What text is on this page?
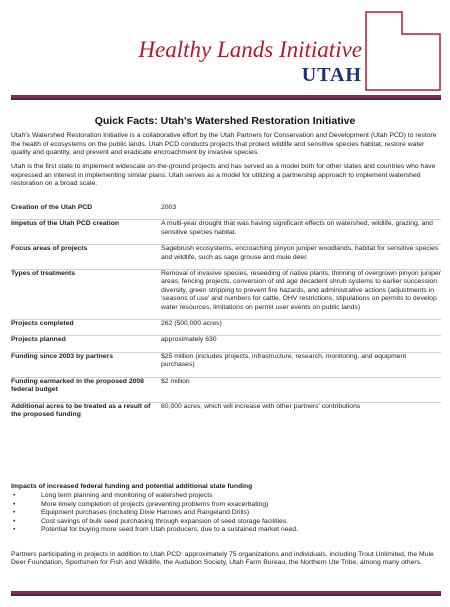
Healthy Lands Initiative
UTAH
Quick Facts: Utah's Watershed Restoration Initiative

Utah's Watershed Restoration Initiative is a collaborative effort by the Utah Partners for Conservation and Development (Utah PCD) to restore the health of ecosystems on the public lands. Utah PCD conducts projects that protect wildlife and sensitive species habitat, restore water quality and quantity, and prevent and eradicate encroachment by invasive species.

Utah is the first state to implement widescale on-the-ground projects and has served as a model both for other states and countries who have expressed an interest in implementing similar plans. Utah serves as a model for utilizing a partnership approach to implement watershed restoration on a broad scale.

Creation of the Utah PCD	2003
Impetus of the Utah PCD creation	A multi-year drought that was having significant effects on watershed, wildlife, grazing, and sensitive species habitat.
Focus areas of projects	Sagebrush ecosystems, encroaching pinyon juniper woodlands, habitat for sensitive species and wildlife, such as sage grouse and mule deer.
Types of treatments	Removal of invasive species, reseeding of native plants, thinning of overgrown pinyon juniper areas, fencing projects, conversion of old age decadent shrub systems to earlier succession diversity, green stripping to prevent fire hazards, and administrative actions (adjustments in 'seasons of use' and numbers for cattle, OHV restrictions, stipulations on permits to develop water resources, limitations on permit user events on public lands)
Projects completed	262 (500,000 acres)
Projects planned	approximately 630
Funding since 2003 by partners	$25 million (includes projects, infrastructure, research, monitoring, and equipment purchases)
Funding earmarked in the proposed 2008 federal budget	$2 million
Additional acres to be treated as a result of the proposed funding	80,000 acres, which will increase with other partners' contributions
Impacts of increased federal funding and potential additional state funding
• Long term planning and monitoring of watershed projects
• More timely completion of projects (preventing problems from exacerbating)
• Equipment purchases (including Dixie Harrows and Rangeland Drills)
• Cost savings of bulk seed purchasing through expansion of seed storage facilities.
• Potential for buying more seed from Utah producers, due to a sustained market need.

Partners participating in projects in addition to Utah PCD: approximately 75 organizations and individuals, including Trout Unlimited, the Mule Deer Foundation, Sportsmen for Fish and Wildlife, the Audubon Society, Utah Farm Bureau, the Northern Ute Tribe, among many others.
